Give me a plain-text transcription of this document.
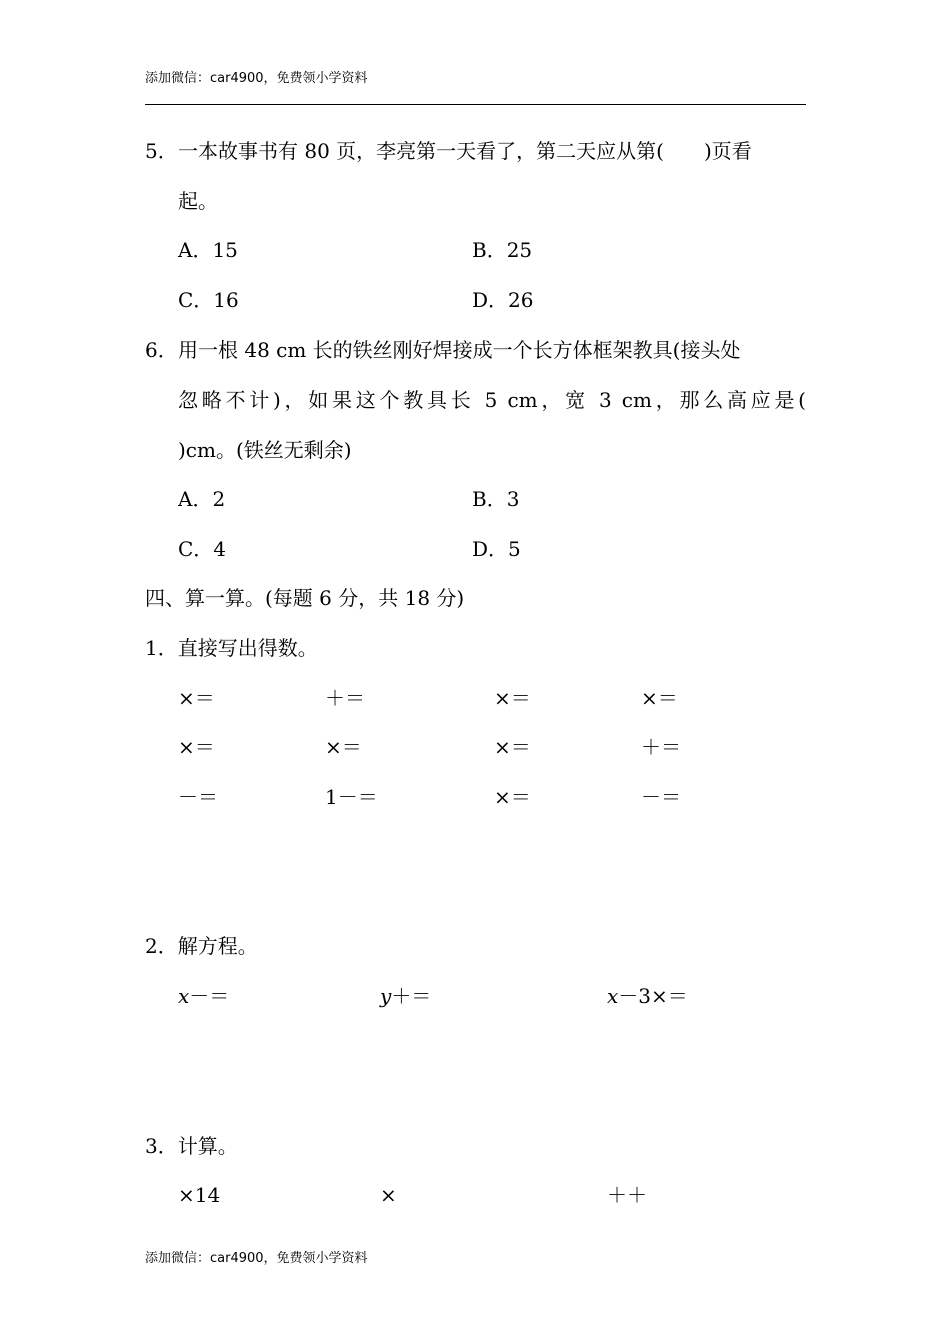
添加微信：car4900，免费领小学资料
5． 一本故事书有 80 页，李亮第一天看了，第二天应从第(　　)页看
起。
A．15	B．25
C．16	D．26
6． 用一根 48 cm 长的铁丝刚好焊接成一个长方体框架教具(接头处
忽略不计)，如果这个教具长 5 cm，宽 3 cm，那么高应是(
)cm。(铁丝无剩余)
A．2	B．3
C．4	D．5
四、算一算。(每题 6 分，共 18 分)
1．直接写出得数。
×＝	＋＝	×＝	×＝
×＝	×＝	×＝	＋＝
－＝	1－＝	×＝	－＝
2．解方程。
x－＝	y＋＝	x－3×＝
3．计算。
×14	×	＋＋
添加微信：car4900，免费领小学资料
